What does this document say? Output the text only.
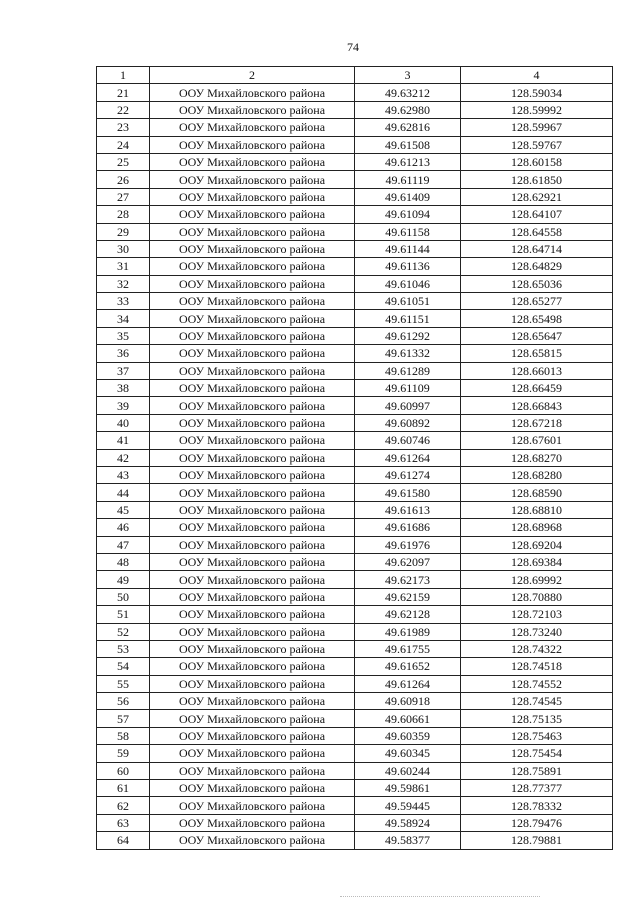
74
1	2	3	4
21	ООУ Михайловского района	49.63212	128.59034
22	ООУ Михайловского района	49.62980	128.59992
23	ООУ Михайловского района	49.62816	128.59967
24	ООУ Михайловского района	49.61508	128.59767
25	ООУ Михайловского района	49.61213	128.60158
26	ООУ Михайловского района	49.61119	128.61850
27	ООУ Михайловского района	49.61409	128.62921
28	ООУ Михайловского района	49.61094	128.64107
29	ООУ Михайловского района	49.61158	128.64558
30	ООУ Михайловского района	49.61144	128.64714
31	ООУ Михайловского района	49.61136	128.64829
32	ООУ Михайловского района	49.61046	128.65036
33	ООУ Михайловского района	49.61051	128.65277
34	ООУ Михайловского района	49.61151	128.65498
35	ООУ Михайловского района	49.61292	128.65647
36	ООУ Михайловского района	49.61332	128.65815
37	ООУ Михайловского района	49.61289	128.66013
38	ООУ Михайловского района	49.61109	128.66459
39	ООУ Михайловского района	49.60997	128.66843
40	ООУ Михайловского района	49.60892	128.67218
41	ООУ Михайловского района	49.60746	128.67601
42	ООУ Михайловского района	49.61264	128.68270
43	ООУ Михайловского района	49.61274	128.68280
44	ООУ Михайловского района	49.61580	128.68590
45	ООУ Михайловского района	49.61613	128.68810
46	ООУ Михайловского района	49.61686	128.68968
47	ООУ Михайловского района	49.61976	128.69204
48	ООУ Михайловского района	49.62097	128.69384
49	ООУ Михайловского района	49.62173	128.69992
50	ООУ Михайловского района	49.62159	128.70880
51	ООУ Михайловского района	49.62128	128.72103
52	ООУ Михайловского района	49.61989	128.73240
53	ООУ Михайловского района	49.61755	128.74322
54	ООУ Михайловского района	49.61652	128.74518
55	ООУ Михайловского района	49.61264	128.74552
56	ООУ Михайловского района	49.60918	128.74545
57	ООУ Михайловского района	49.60661	128.75135
58	ООУ Михайловского района	49.60359	128.75463
59	ООУ Михайловского района	49.60345	128.75454
60	ООУ Михайловского района	49.60244	128.75891
61	ООУ Михайловского района	49.59861	128.77377
62	ООУ Михайловского района	49.59445	128.78332
63	ООУ Михайловского района	49.58924	128.79476
64	ООУ Михайловского района	49.58377	128.79881
